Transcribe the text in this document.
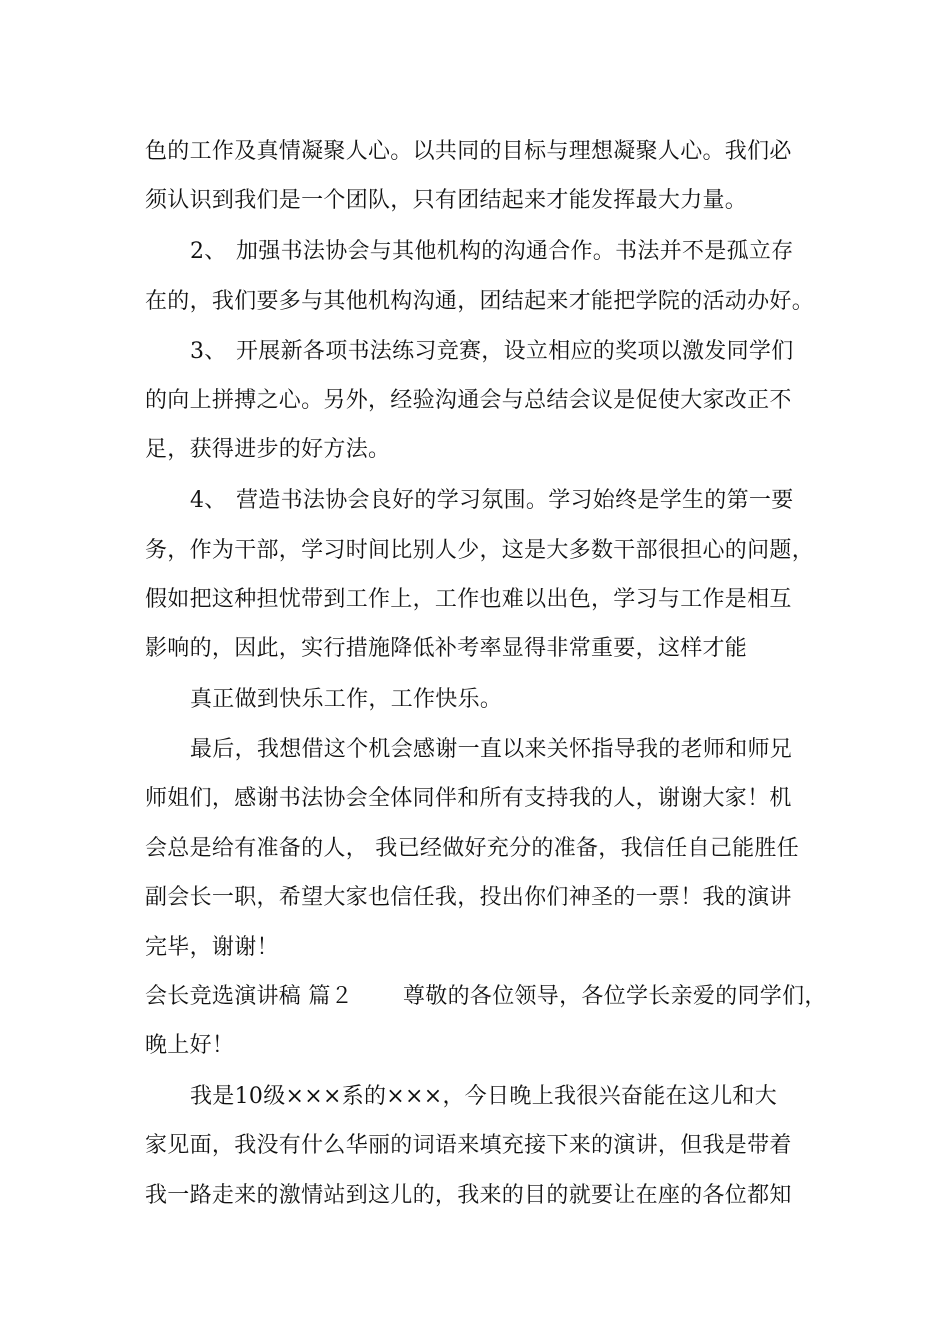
色的工作及真情凝聚人心。以共同的目标与理想凝聚人心。我们必
须认识到我们是一个团队，只有团结起来才能发挥最大力量。
2、 加强书法协会与其他机构的沟通合作。书法并不是孤立存
在的，我们要多与其他机构沟通，团结起来才能把学院的活动办好。
3、 开展新各项书法练习竞赛，设立相应的奖项以激发同学们
的向上拼搏之心。另外，经验沟通会与总结会议是促使大家改正不
足，获得进步的好方法。
4、 营造书法协会良好的学习氛围。学习始终是学生的第一要
务，作为干部，学习时间比别人少，这是大多数干部很担心的问题，
假如把这种担忧带到工作上，工作也难以出色，学习与工作是相互
影响的，因此，实行措施降低补考率显得非常重要，这样才能
真正做到快乐工作，工作快乐。
最后，我想借这个机会感谢一直以来关怀指导我的老师和师兄
师姐们，感谢书法协会全体同伴和所有支持我的人，谢谢大家！机
会总是给有准备的人， 我已经做好充分的准备，我信任自己能胜任
副会长一职，希望大家也信任我，投出你们神圣的一票！我的演讲
完毕，谢谢！
会长竞选演讲稿 篇２ 尊敬的各位领导，各位学长亲爱的同学们，
晚上好！
我是10级×××系的×××，今日晚上我很兴奋能在这儿和大
家见面，我没有什么华丽的词语来填充接下来的演讲，但我是带着
我一路走来的激情站到这儿的，我来的目的就要让在座的各位都知
